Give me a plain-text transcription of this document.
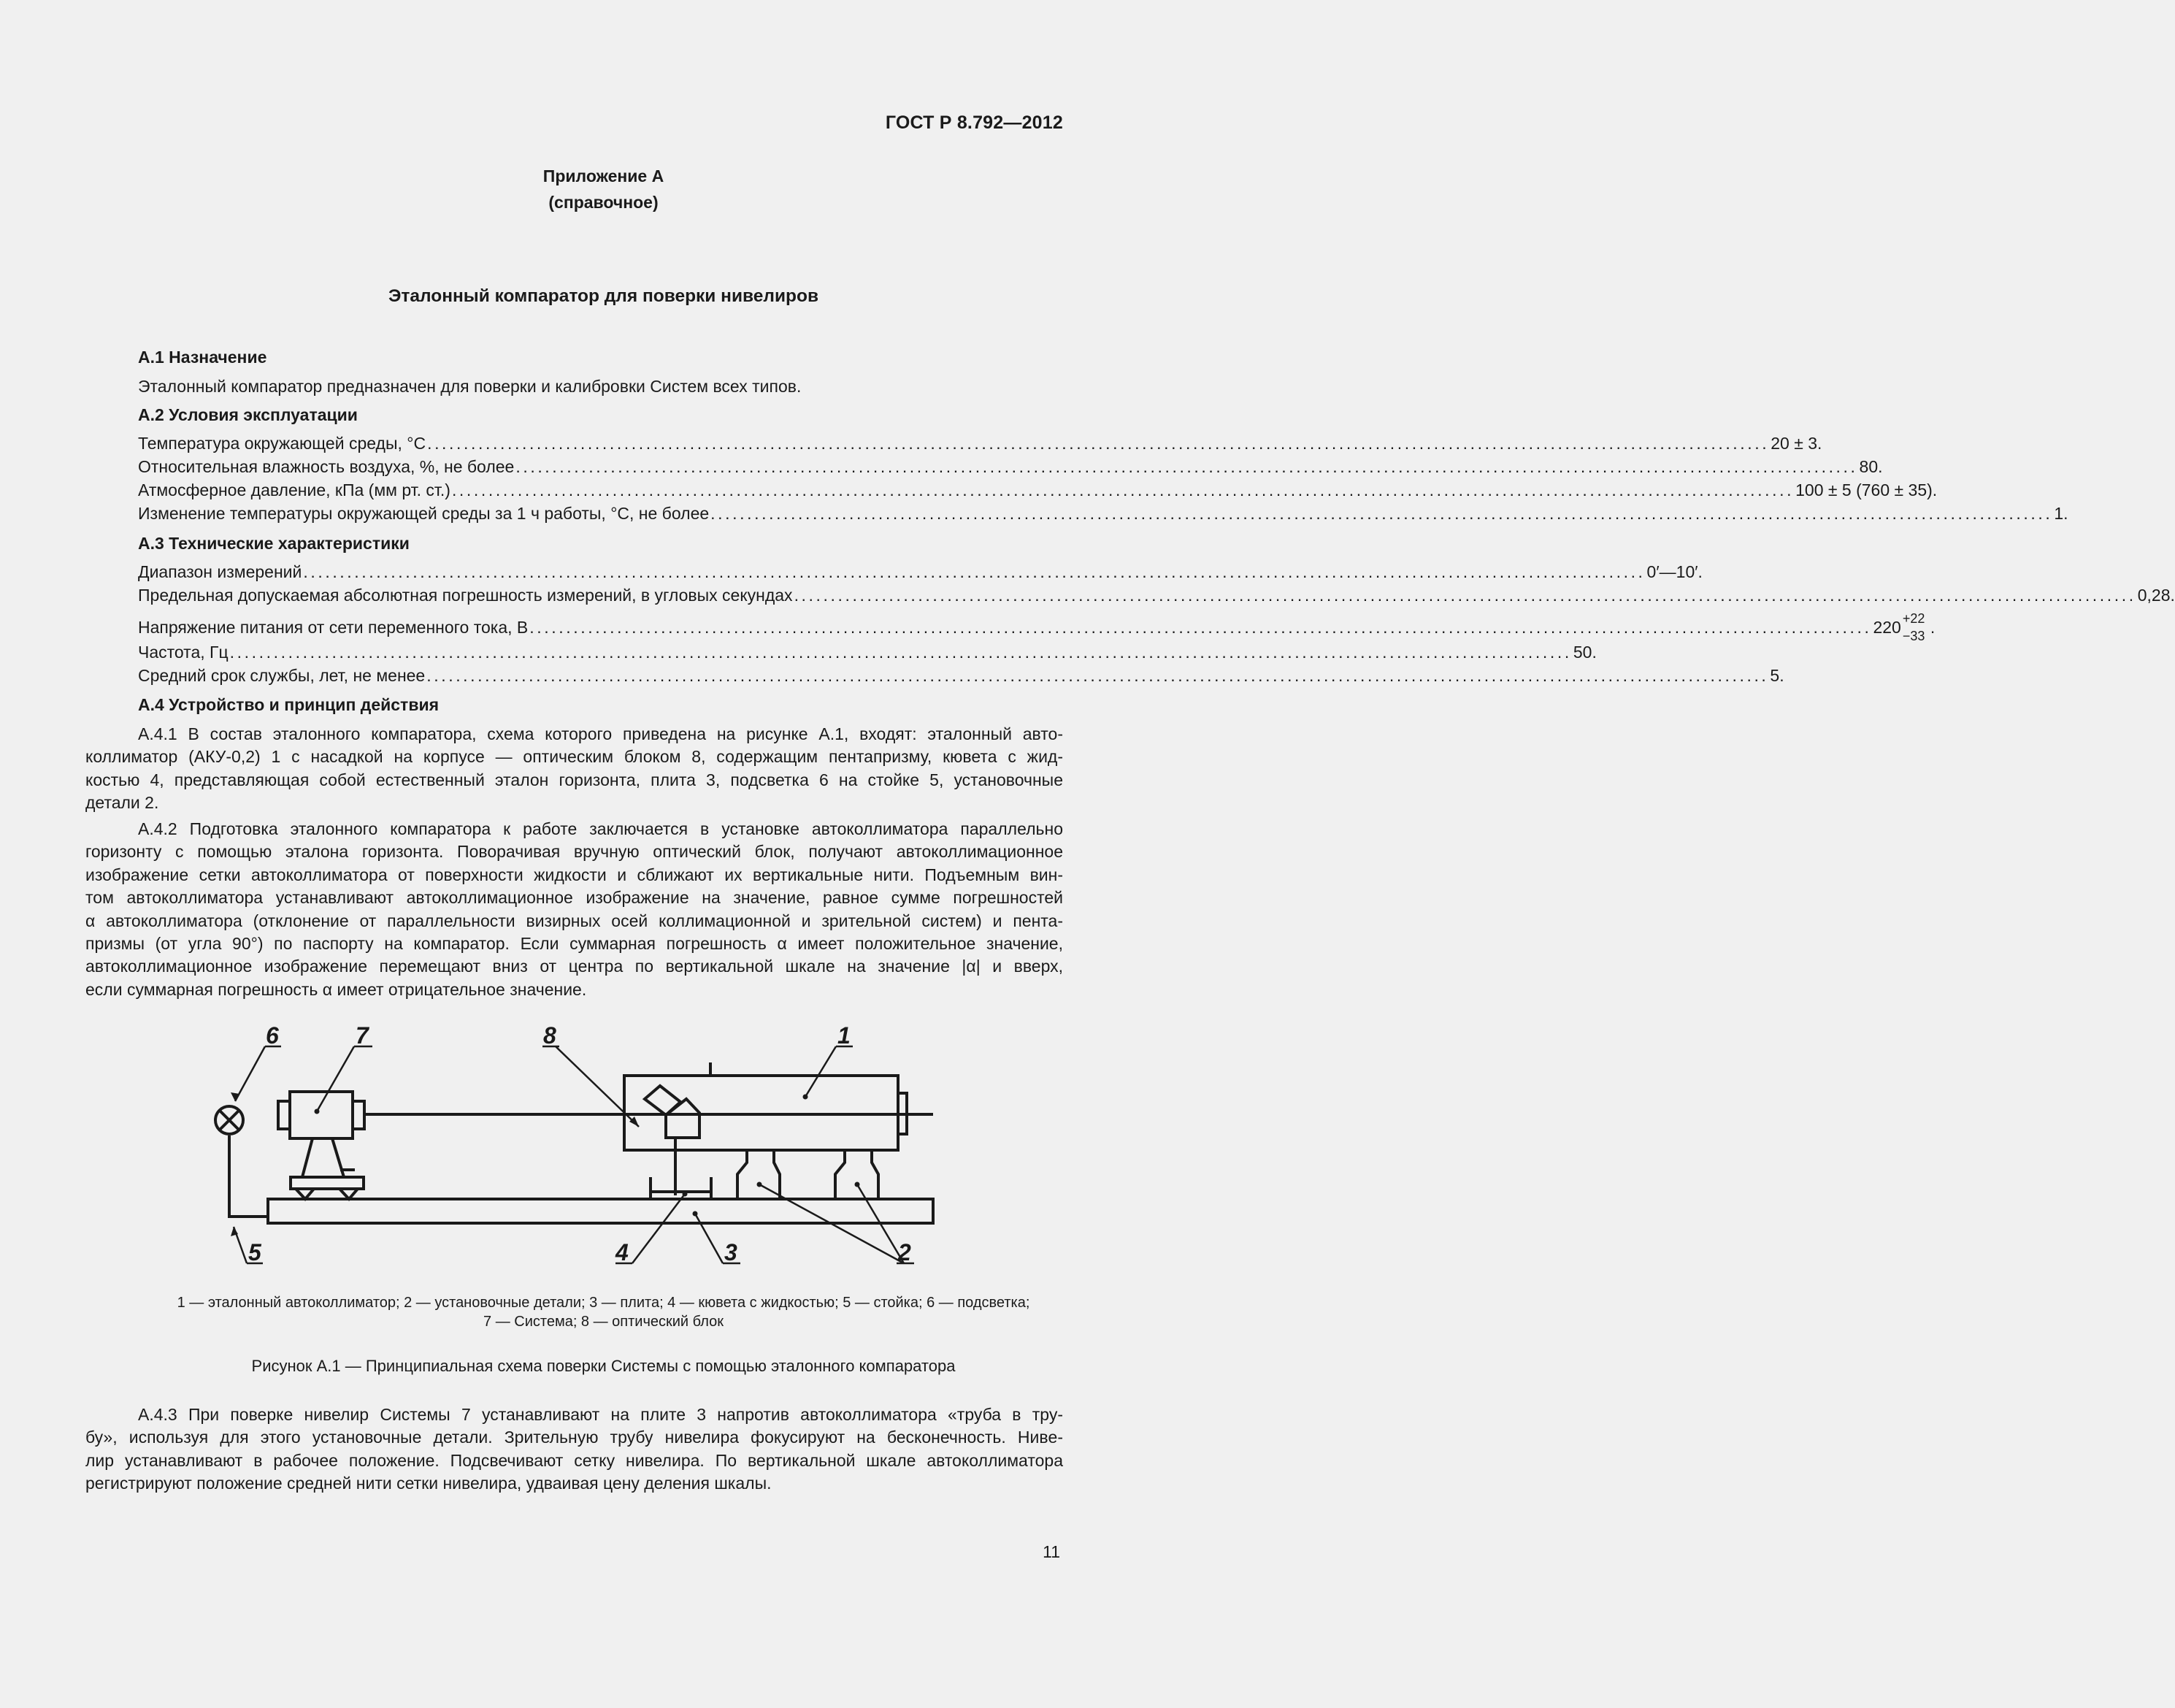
ГОСТ Р 8.792—2012
Приложение А
(справочное)
Эталонный компаратор для поверки нивелиров
А.1 Назначение
Эталонный компаратор предназначен для поверки и калибровки Систем всех типов.
А.2 Условия эксплуатации
Температура окружающей среды, °С ........................................................................................................................................................................................ 20 ± 3.
Относительная влажность воздуха, %, не более ........................................................................................................................................................................................ 80.
Атмосферное давление, кПа (мм рт. ст.) ........................................................................................................................................................................................ 100 ± 5 (760 ± 35).
Изменение температуры окружающей среды за 1 ч работы, °С, не более ........................................................................................................................................................................................ 1.
А.3 Технические характеристики
Диапазон измерений ........................................................................................................................................................................................ 0′—10′.
Предельная допускаемая абсолютная погрешность измерений, в угловых секундах ........................................................................................................................................................................................ 0,28.
Напряжение питания от сети переменного тока, В ........................................................................................................................................................................................ 220 +22
−33 .
Частота, Гц ........................................................................................................................................................................................ 50.
Средний срок службы, лет, не менее ........................................................................................................................................................................................ 5.
А.4 Устройство и принцип действия
А.4.1 В состав эталонного компаратора, схема которого приведена на рисунке А.1, входят: эталонный авто-
коллиматор (АКУ-0,2) 1 с насадкой на корпусе — оптическим блоком 8, содержащим пентапризму, кювета с жид-
костью 4, представляющая собой естественный эталон горизонта, плита 3, подсветка 6 на стойке 5, установочные
детали 2.
А.4.2 Подготовка эталонного компаратора к работе заключается в установке автоколлиматора параллельно
горизонту с помощью эталона горизонта. Поворачивая вручную оптический блок, получают автоколлимационное
изображение сетки автоколлиматора от поверхности жидкости и сближают их вертикальные нити. Подъемным вин-
том автоколлиматора устанавливают автоколлимационное изображение на значение, равное сумме погрешностей
α автоколлиматора (отклонение от параллельности визирных осей коллимационной и зрительной систем) и пента-
призмы (от угла 90°) по паспорту на компаратор. Если суммарная погрешность α имеет положительное значение,
автоколлимационное изображение перемещают вниз от центра по вертикальной шкале на значение |α| и вверх,
если суммарная погрешность α имеет отрицательное значение.
6	7	8	1
5	4	3	2
1 — эталонный автоколлиматор; 2 — установочные детали; 3 — плита; 4 — кювета с жидкостью; 5 — стойка; 6 — подсветка;
7 — Система; 8 — оптический блок
Рисунок А.1 — Принципиальная схема поверки Системы с помощью эталонного компаратора
А.4.3 При поверке нивелир Системы 7 устанавливают на плите 3 напротив автоколлиматора «труба в тру-
бу», используя для этого установочные детали. Зрительную трубу нивелира фокусируют на бесконечность. Нивe-
лир устанавливают в рабочее положение. Подсвечивают сетку нивелира. По вертикальной шкале автоколлиматора
регистрируют положение средней нити сетки нивелира, удваивая цену деления шкалы.
11
